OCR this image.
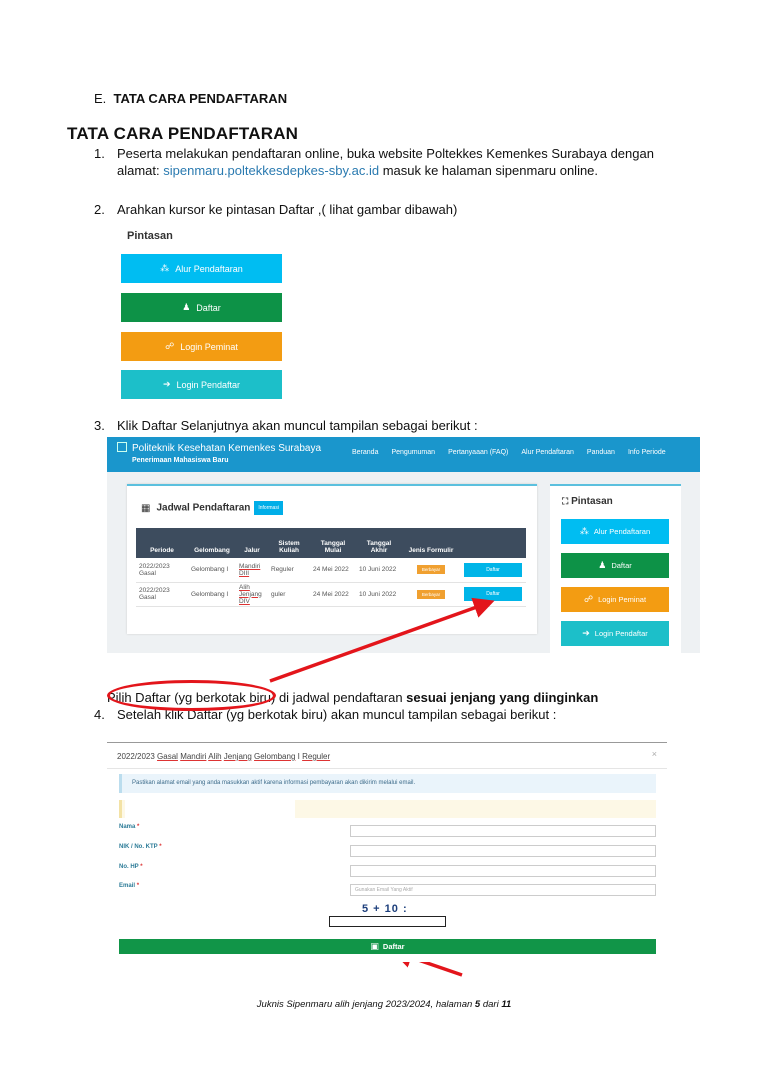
E. TATA CARA PENDAFTARAN
TATA CARA PENDAFTARAN
1. Peserta melakukan pendaftaran online, buka website Poltekkes Kemenkes Surabaya dengan alamat: sipenmaru.poltekkesdepkes-sby.ac.id masuk ke halaman sipenmaru online.
2. Arahkan kursor ke pintasan Daftar ,( lihat gambar dibawah)
Pintasan
⁂ Alur Pendaftaran
♟ Daftar
☍ Login Peminat
➔ Login Pendaftar
3. Klik Daftar Selanjutnya akan muncul tampilan sebagai berikut :
Politeknik Kesehatan Kemenkes Surabaya
Penerimaan Mahasiswa Baru
Beranda Pengumuman Pertanyaaan (FAQ) Alur Pendaftaran Panduan Info Periode
▦ Jadwal Pendaftaran Informasi
Periode	Gelombang	Jalur	Sistem Kuliah	Tanggal Mulai	Tanggal Akhir	Jenis Formulir	
2022/2023 Gasal	Gelombang I	Mandiri DIII	Reguler	24 Mei 2022	10 Juni 2022	Berbayar	Daftar
2022/2023 Gasal	Gelombang I	Alih Jenjang DIV	guler	24 Mei 2022	10 Juni 2022	Berbayar	Daftar
⛶ Pintasan
⁂ Alur Pendaftaran
♟ Daftar
☍ Login Peminat
➔ Login Pendaftar
Pilih Daftar (yg berkotak biru) di jadwal pendaftaran sesuai jenjang yang diinginkan
4. Setelah klik Daftar (yg berkotak biru) akan muncul tampilan sebagai berikut :
2022/2023 Gasal Mandiri Alih Jenjang Gelombang I Reguler	×
Pastikan alamat email yang anda masukkan aktif karena informasi pembayaran akan dikirim melalui email.
Nama *
NIK / No. KTP *
No. HP *
Email *
Gunakan Email Yang Aktif
5 + 10 :
▣ Daftar
Juknis Sipenmaru alih jenjang 2023/2024, halaman 5 dari 11
